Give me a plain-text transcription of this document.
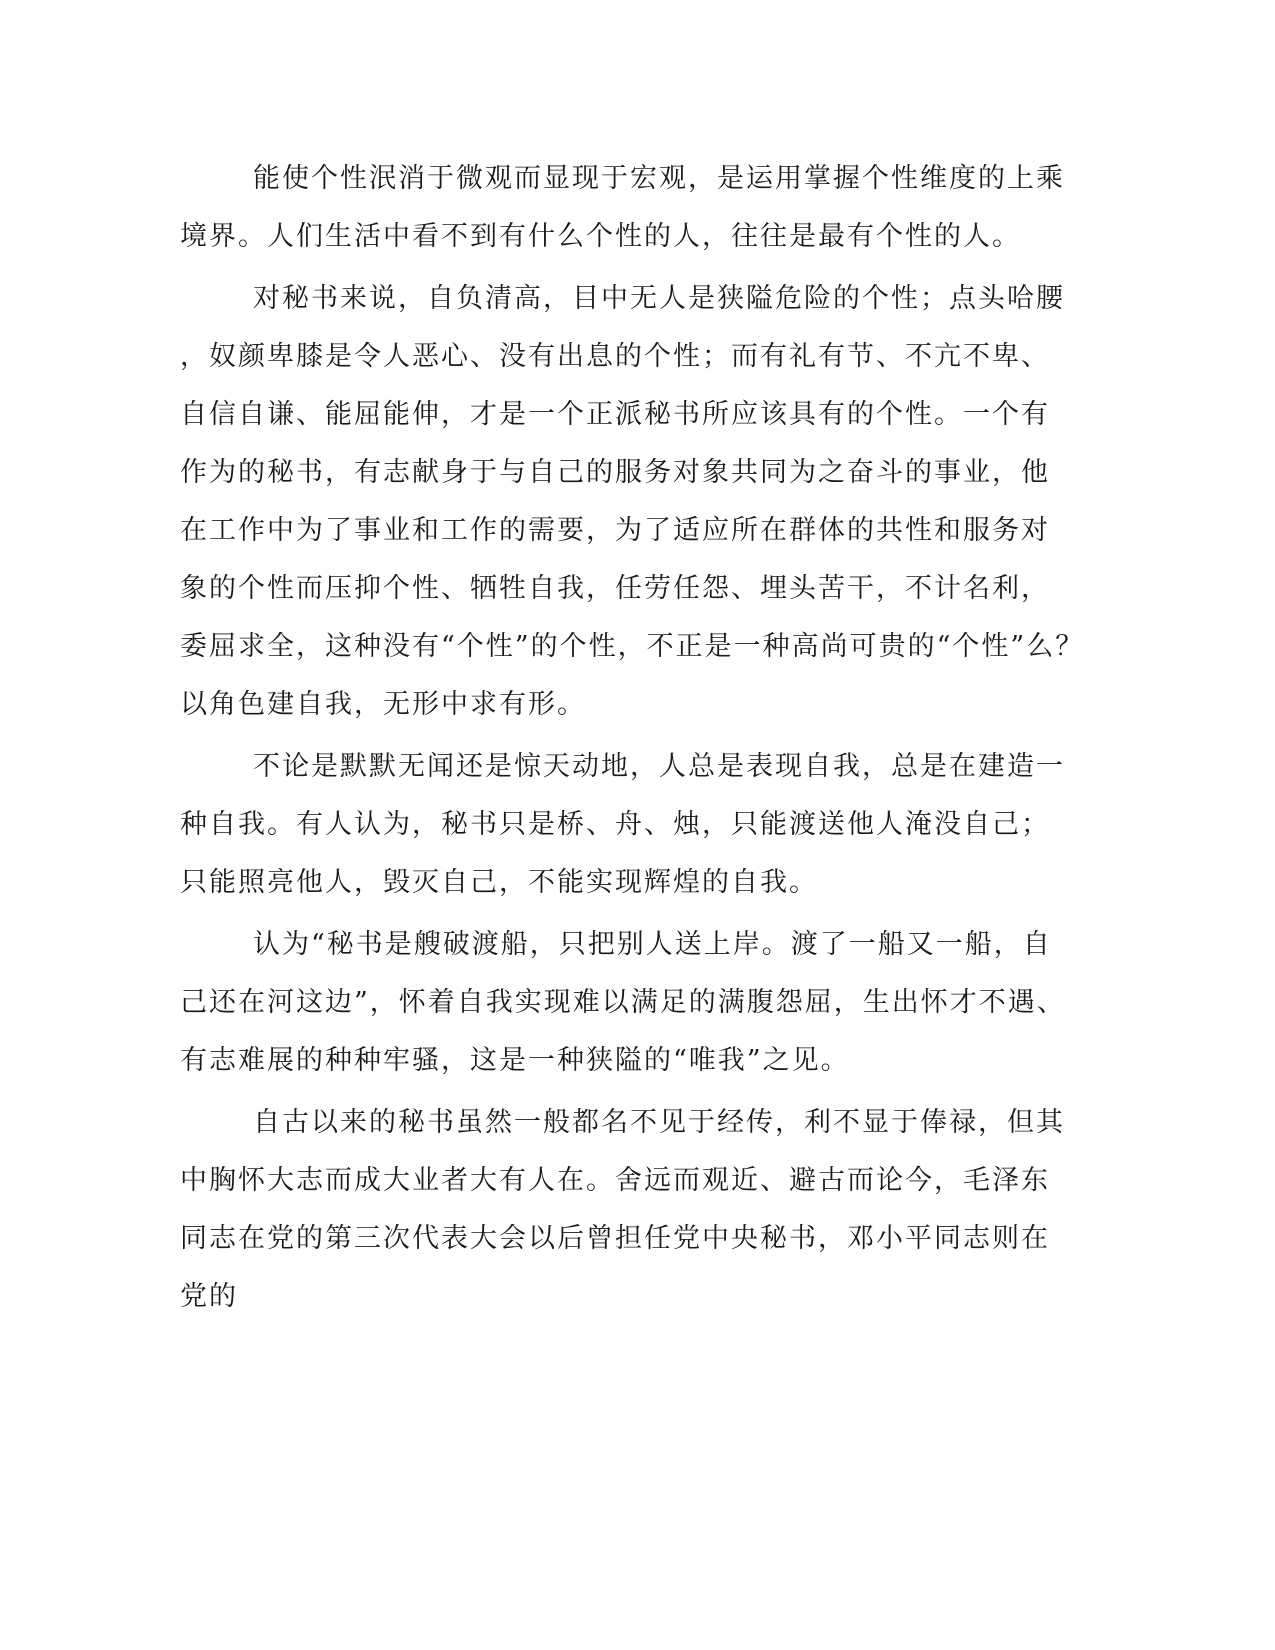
能使个性泯消于微观而显现于宏观，是运用掌握个性维度的上乘
境界。人们生活中看不到有什么个性的人，往往是最有个性的人。
对秘书来说，自负清高，目中无人是狭隘危险的个性；点头哈腰
，奴颜卑膝是令人恶心、没有出息的个性；而有礼有节、不亢不卑、
自信自谦、能屈能伸，才是一个正派秘书所应该具有的个性。一个有
作为的秘书，有志献身于与自己的服务对象共同为之奋斗的事业，他
在工作中为了事业和工作的需要，为了适应所在群体的共性和服务对
象的个性而压抑个性、牺牲自我，任劳任怨、埋头苦干，不计名利，
委屈求全，这种没有“个性”的个性，不正是一种高尚可贵的“个性”么？
以角色建自我，无形中求有形。
不论是默默无闻还是惊天动地，人总是表现自我，总是在建造一
种自我。有人认为，秘书只是桥、舟、烛，只能渡送他人淹没自己；
只能照亮他人，毁灭自己，不能实现辉煌的自我。
认为“秘书是艘破渡船，只把别人送上岸。渡了一船又一船，自
己还在河这边”，怀着自我实现难以满足的满腹怨屈，生出怀才不遇、
有志难展的种种牢骚，这是一种狭隘的“唯我”之见。
自古以来的秘书虽然一般都名不见于经传，利不显于俸禄，但其
中胸怀大志而成大业者大有人在。舍远而观近、避古而论今，毛泽东
同志在党的第三次代表大会以后曾担任党中央秘书，邓小平同志则在
党的
